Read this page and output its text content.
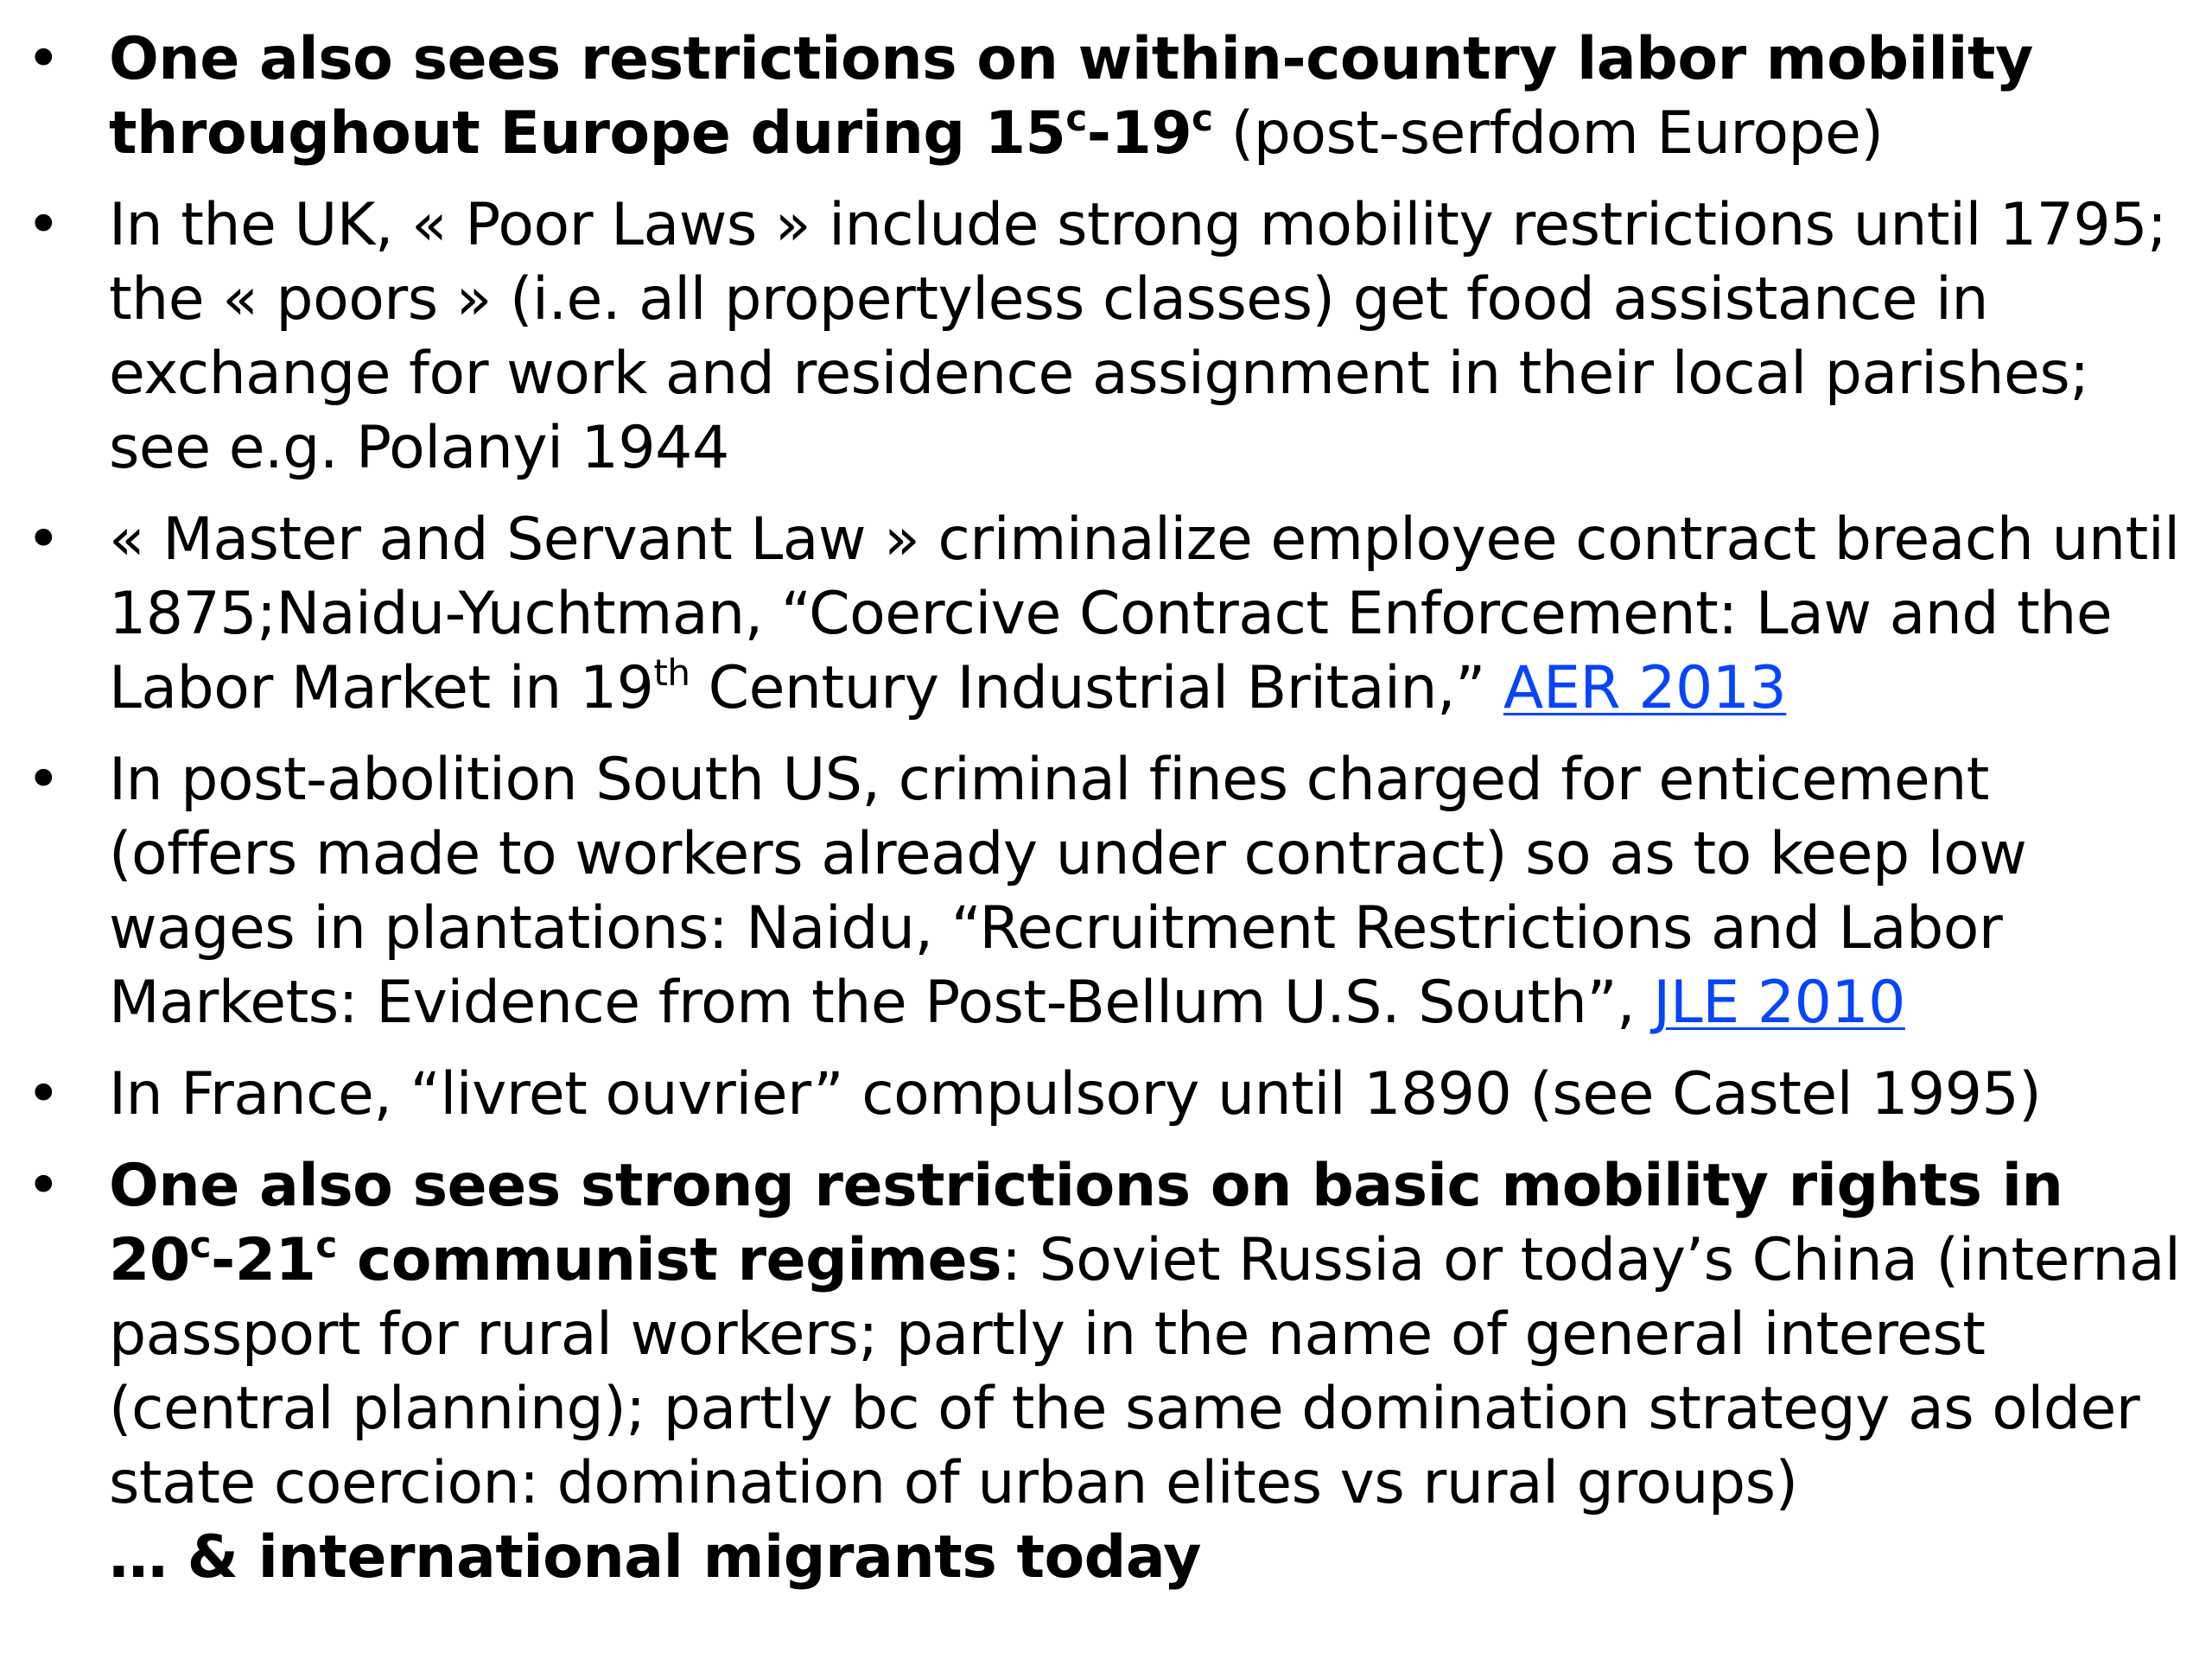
• One also sees restrictions on within-country labor mobility throughout Europe during 15$^c$-19$^c$ (post-serfdom Europe)
• In the UK, « Poor Laws » include strong mobility restrictions until 1795; the « poors » (i.e. all propertyless classes) get food assistance in exchange for work and residence assignment in their local parishes; see e.g. Polanyi 1944
• « Master and Servant Law » criminalize employee contract breach until 1875;Naidu-Yuchtman, “Coercive Contract Enforcement: Law and the Labor Market in 19th Century Industrial Britain,” AER 2013
• In post-abolition South US, criminal fines charged for enticement (offers made to workers already under contract) so as to keep low wages in plantations: Naidu, “Recruitment Restrictions and Labor Markets: Evidence from the Post-Bellum U.S. South”, JLE 2010
• In France, “livret ouvrier” compulsory until 1890 (see Castel 1995)
• One also sees strong restrictions on basic mobility rights in 20$^c$-21$^c$ communist regimes: Soviet Russia or today’s China (internal passport for rural workers; partly in the name of general interest (central planning); partly bc of the same domination strategy as older state coercion: domination of urban elites vs rural groups)
… & international migrants today
